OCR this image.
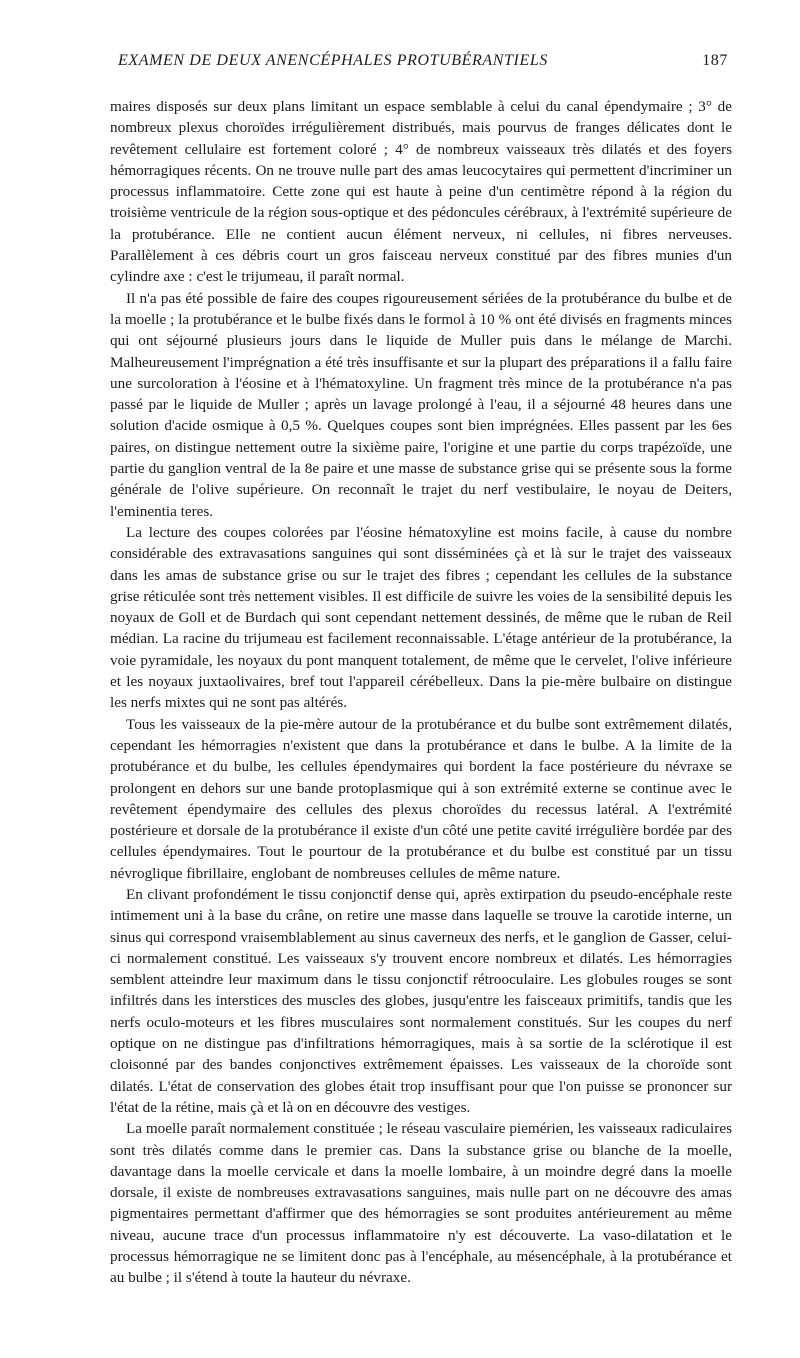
EXAMEN DE DEUX ANENCÉPHALES PROTUBÉRANTIELS	187

maires disposés sur deux plans limitant un espace semblable à celui du canal épendymaire ; 3° de nombreux plexus choroïdes irrégulièrement distribués, mais pourvus de franges délicates dont le revêtement cellulaire est fortement coloré ; 4° de nombreux vaisseaux très dilatés et des foyers hémorragiques récents. On ne trouve nulle part des amas leucocytaires qui permettent d'incriminer un processus inflammatoire. Cette zone qui est haute à peine d'un centimètre répond à la région du troisième ventricule de la région sous-optique et des pédoncules cérébraux, à l'extrémité supérieure de la protubérance. Elle ne contient aucun élément nerveux, ni cellules, ni fibres nerveuses. Parallèlement à ces débris court un gros faisceau nerveux constitué par des fibres munies d'un cylindre axe : c'est le trijumeau, il paraît normal.

Il n'a pas été possible de faire des coupes rigoureusement sériées de la protubérance du bulbe et de la moelle ; la protubérance et le bulbe fixés dans le formol à 10 % ont été divisés en fragments minces qui ont séjourné plusieurs jours dans le liquide de Muller puis dans le mélange de Marchi. Malheureusement l'imprégnation a été très insuffisante et sur la plupart des préparations il a fallu faire une surcoloration à l'éosine et à l'hématoxyline. Un fragment très mince de la protubérance n'a pas passé par le liquide de Muller ; après un lavage prolongé à l'eau, il a séjourné 48 heures dans une solution d'acide osmique à 0,5 %. Quelques coupes sont bien imprégnées. Elles passent par les 6es paires, on distingue nettement outre la sixième paire, l'origine et une partie du corps trapézoïde, une partie du ganglion ventral de la 8e paire et une masse de substance grise qui se présente sous la forme générale de l'olive supérieure. On reconnaît le trajet du nerf vestibulaire, le noyau de Deiters, l'eminentia teres.

La lecture des coupes colorées par l'éosine hématoxyline est moins facile, à cause du nombre considérable des extravasations sanguines qui sont disséminées çà et là sur le trajet des vaisseaux dans les amas de substance grise ou sur le trajet des fibres ; cependant les cellules de la substance grise réticulée sont très nettement visibles. Il est difficile de suivre les voies de la sensibilité depuis les noyaux de Goll et de Burdach qui sont cependant nettement dessinés, de même que le ruban de Reil médian. La racine du trijumeau est facilement reconnaissable. L'étage antérieur de la protubérance, la voie pyramidale, les noyaux du pont manquent totalement, de même que le cervelet, l'olive inférieure et les noyaux juxtaolivaires, bref tout l'appareil cérébelleux. Dans la pie-mère bulbaire on distingue les nerfs mixtes qui ne sont pas altérés.

Tous les vaisseaux de la pie-mère autour de la protubérance et du bulbe sont extrêmement dilatés, cependant les hémorragies n'existent que dans la protubérance et dans le bulbe. A la limite de la protubérance et du bulbe, les cellules épendymaires qui bordent la face postérieure du névraxe se prolongent en dehors sur une bande protoplasmique qui à son extrémité externe se continue avec le revêtement épendymaire des cellules des plexus choroïdes du recessus latéral. A l'extrémité postérieure et dorsale de la protubérance il existe d'un côté une petite cavité irrégulière bordée par des cellules épendymaires. Tout le pourtour de la protubérance et du bulbe est constitué par un tissu névroglique fibrillaire, englobant de nombreuses cellules de même nature.

En clivant profondément le tissu conjonctif dense qui, après extirpation du pseudo-encéphale reste intimement uni à la base du crâne, on retire une masse dans laquelle se trouve la carotide interne, un sinus qui correspond vraisemblablement au sinus caverneux des nerfs, et le ganglion de Gasser, celui-ci normalement constitué. Les vaisseaux s'y trouvent encore nombreux et dilatés. Les hémorragies semblent atteindre leur maximum dans le tissu conjonctif rétrooculaire. Les globules rouges se sont infiltrés dans les interstices des muscles des globes, jusqu'entre les faisceaux primitifs, tandis que les nerfs oculo-moteurs et les fibres musculaires sont normalement constitués. Sur les coupes du nerf optique on ne distingue pas d'infiltrations hémorragiques, mais à sa sortie de la sclérotique il est cloisonné par des bandes conjonctives extrêmement épaisses. Les vaisseaux de la choroïde sont dilatés. L'état de conservation des globes était trop insuffisant pour que l'on puisse se prononcer sur l'état de la rétine, mais çà et là on en découvre des vestiges.

La moelle paraît normalement constituée ; le réseau vasculaire piemérien, les vaisseaux radiculaires sont très dilatés comme dans le premier cas. Dans la substance grise ou blanche de la moelle, davantage dans la moelle cervicale et dans la moelle lombaire, à un moindre degré dans la moelle dorsale, il existe de nombreuses extravasations sanguines, mais nulle part on ne découvre des amas pigmentaires permettant d'affirmer que des hémorragies se sont produites antérieurement au même niveau, aucune trace d'un processus inflammatoire n'y est découverte. La vaso-dilatation et le processus hémorragique ne se limitent donc pas à l'encéphale, au mésencéphale, à la protubérance et au bulbe ; il s'étend à toute la hauteur du névraxe.
